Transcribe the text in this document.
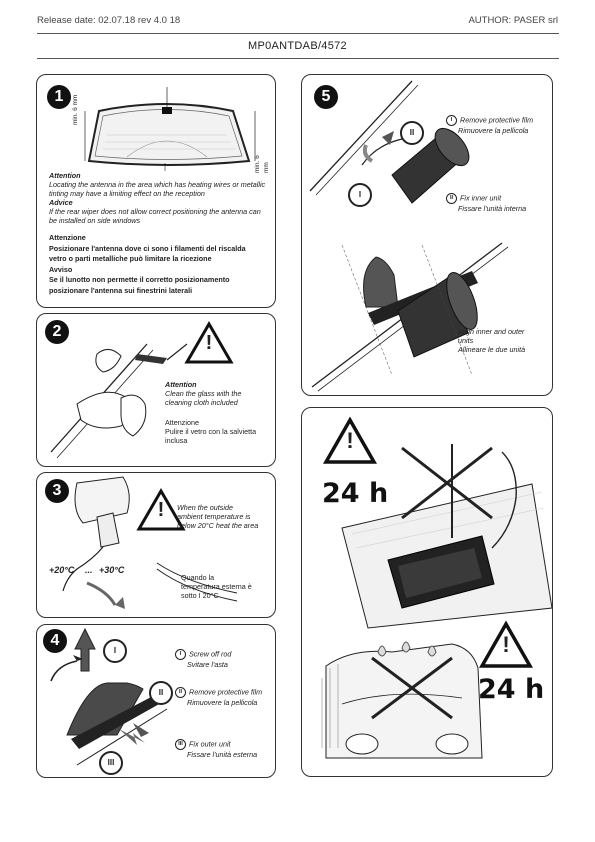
Release date: 02.07.18 rev 4.0 18	AUTHOR: PASER srl
MP0ANTDAB/4572
1	min. 6 mm
min. 6 mm
Attention
Locating the antenna in the area which has heating wires or metallic
tinting may have a limiting effect on the reception
Advice
If the rear wiper does not allow correct positioning the antenna can
be installed on side windows
Attenzione
Posizionare l'antenna dove ci sono i filamenti del riscalda
vetro o parti metalliche può limitare la ricezione
Avviso
Se il lunotto non permette il corretto posizionamento
posizionare l'antenna sui finestrini laterali
2
!
Attention
Clean the glass with the
cleaning cloth included
Attenzione
Pulire il vetro con la salvietta
inclusa
3
+20°C ... +30°C
!	When the outside
ambient temperature is
below 20°C heat the area
Quando la
temperatura esterna è
sotto I 20°C
4
I
II
III
I Screw off rod
Svitare l'asta
II Remove protective film
Rimuovere la pellicola
III Fix outer unit
Fissare l'unità esterna
5
I
II
I Remove protective film
Rimuovere la pellicola
II Fix inner unit
Fissare l'unità interna
Align inner and outer
units
Allineare le due unità
!
24 h
!
24 h
